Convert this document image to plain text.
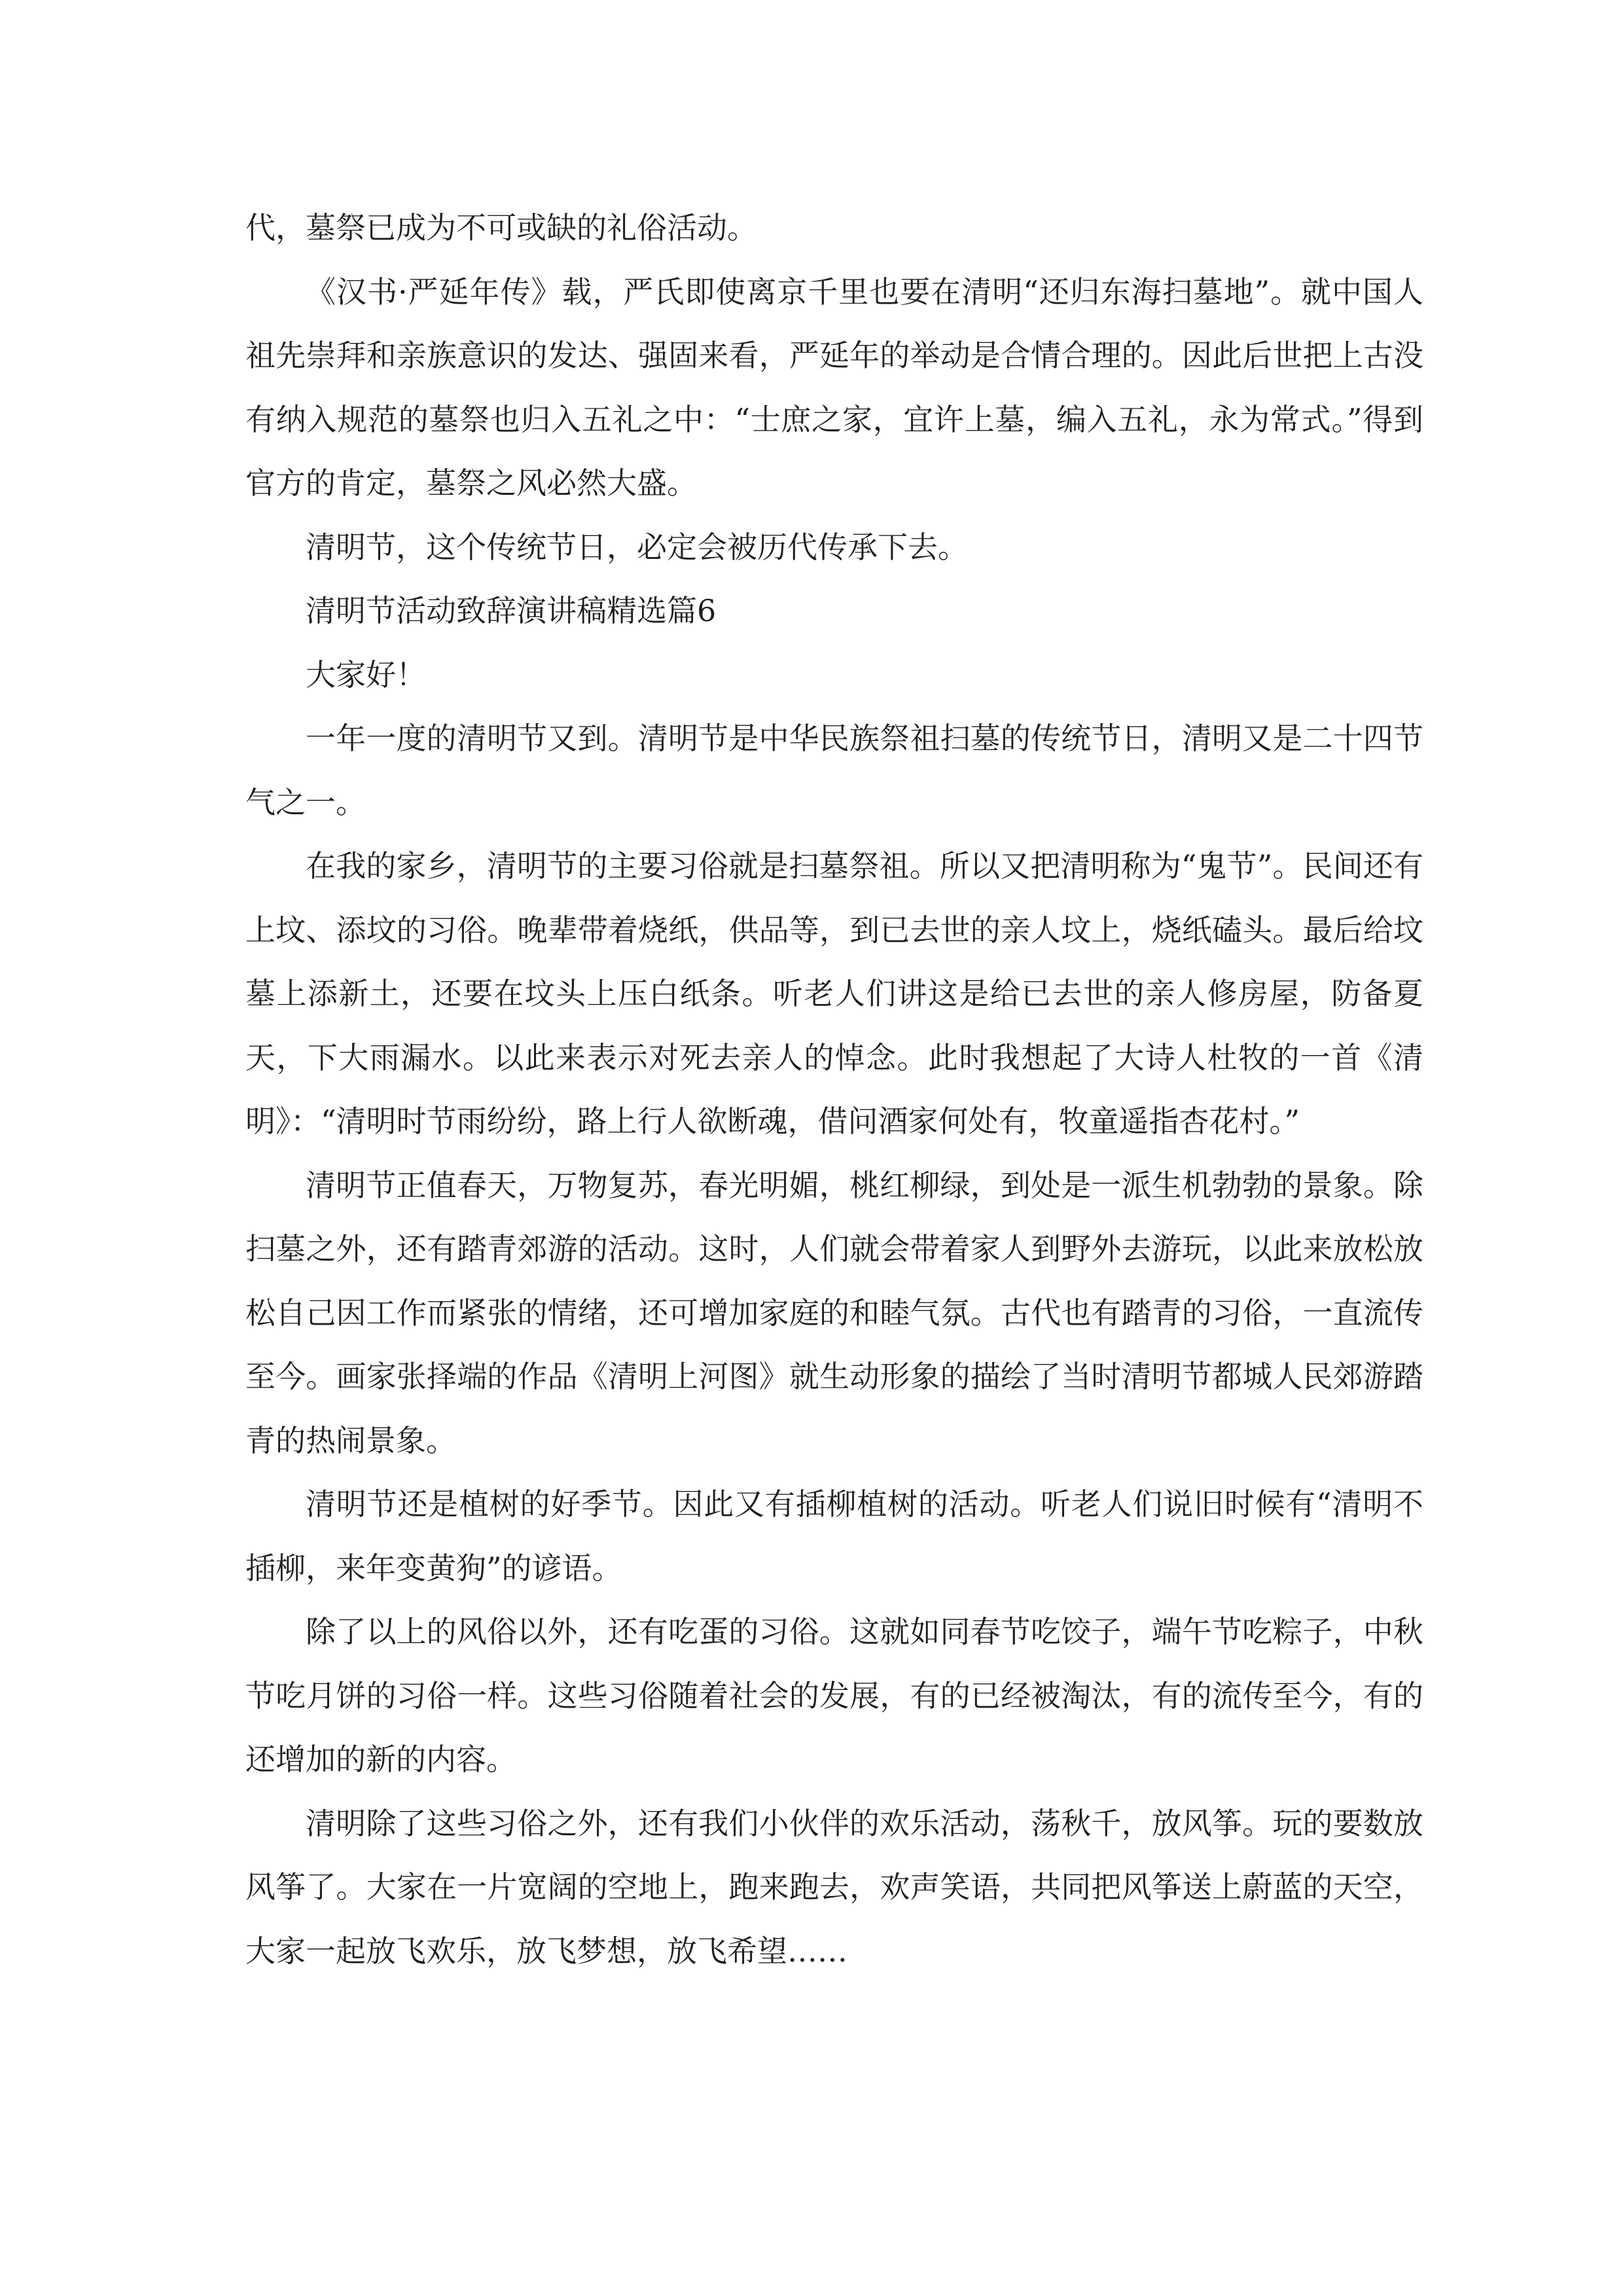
代，墓祭已成为不可或缺的礼俗活动。

《汉书·严延年传》载，严氏即使离京千里也要在清明“还归东海扫墓地”。就中国人祖先崇拜和亲族意识的发达、强固来看，严延年的举动是合情合理的。因此后世把上古没有纳入规范的墓祭也归入五礼之中：“士庶之家，宜许上墓，编入五礼，永为常式。”得到官方的肯定，墓祭之风必然大盛。

清明节，这个传统节日，必定会被历代传承下去。

清明节活动致辞演讲稿精选篇6

大家好！

一年一度的清明节又到。清明节是中华民族祭祖扫墓的传统节日，清明又是二十四节气之一。

在我的家乡，清明节的主要习俗就是扫墓祭祖。所以又把清明称为“鬼节”。民间还有上坟、添坟的习俗。晚辈带着烧纸，供品等，到已去世的亲人坟上，烧纸磕头。最后给坟墓上添新土，还要在坟头上压白纸条。听老人们讲这是给已去世的亲人修房屋，防备夏天，下大雨漏水。以此来表示对死去亲人的悼念。此时我想起了大诗人杜牧的一首《清明》：“清明时节雨纷纷，路上行人欲断魂，借问酒家何处有，牧童遥指杏花村。”

清明节正值春天，万物复苏，春光明媚，桃红柳绿，到处是一派生机勃勃的景象。除扫墓之外，还有踏青郊游的活动。这时，人们就会带着家人到野外去游玩，以此来放松放松自己因工作而紧张的情绪，还可增加家庭的和睦气氛。古代也有踏青的习俗，一直流传至今。画家张择端的作品《清明上河图》就生动形象的描绘了当时清明节都城人民郊游踏青的热闹景象。

清明节还是植树的好季节。因此又有插柳植树的活动。听老人们说旧时候有“清明不插柳，来年变黄狗”的谚语。

除了以上的风俗以外，还有吃蛋的习俗。这就如同春节吃饺子，端午节吃粽子，中秋节吃月饼的习俗一样。这些习俗随着社会的发展，有的已经被淘汰，有的流传至今，有的还增加的新的内容。

清明除了这些习俗之外，还有我们小伙伴的欢乐活动，荡秋千，放风筝。玩的要数放风筝了。大家在一片宽阔的空地上，跑来跑去，欢声笑语，共同把风筝送上蔚蓝的天空，大家一起放飞欢乐，放飞梦想，放飞希望……
